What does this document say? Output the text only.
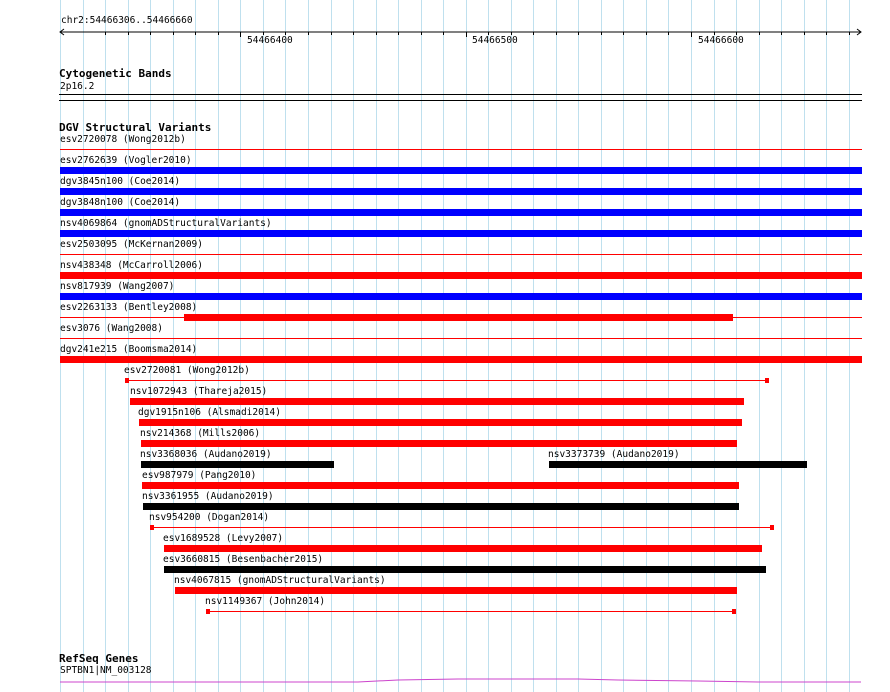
chr2:54466306..54466660
54466400	54466500	54466600
Cytogenetic Bands
2p16.2
DGV Structural Variants
esv2720078 (Wong2012b)
esv2762639 (Vogler2010)
dgv3845n100 (Coe2014)
dgv3848n100 (Coe2014)
nsv4069864 (gnomADStructuralVariants)
esv2503095 (McKernan2009)
nsv438348 (McCarroll2006)
nsv817939 (Wang2007)
esv2263133 (Bentley2008)
esv3076 (Wang2008)
dgv241e215 (Boomsma2014)
esv2720081 (Wong2012b)
nsv1072943 (Thareja2015)
dgv1915n106 (Alsmadi2014)
nsv214368 (Mills2006)
nsv3368036 (Audano2019)	nsv3373739 (Audano2019)
esv987979 (Pang2010)
nsv3361955 (Audano2019)
nsv954200 (Dogan2014)
esv1689528 (Levy2007)
esv3660815 (Besenbacher2015)
nsv4067815 (gnomADStructuralVariants)
nsv1149367 (John2014)
RefSeq Genes
SPTBN1|NM_003128
